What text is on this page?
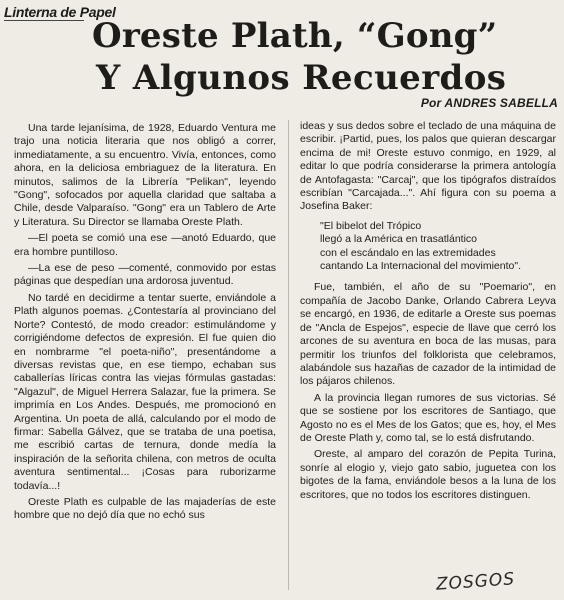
Linterna de Papel
Oreste Plath, “Gong”
Y Algunos Recuerdos
Por ANDRES SABELLA

Una tarde lejanísima, de 1928, Eduardo Ventura me trajo una noticia literaria que nos obligó a correr, inmediatamente, a su encuentro. Vivía, entonces, como ahora, en la deliciosa embriaguez de la literatura. En minutos, salimos de la Librería "Pelikan", leyendo "Gong", sofocados por aquella claridad que saltaba a Chile, desde Valparaíso. "Gong" era un Tablero de Arte y Literatura. Su Director se llamaba Oreste Plath.

—El poeta se comió una ese —anotó Eduardo, que era hombre puntilloso.

—La ese de peso —comenté, conmovido por estas páginas que despedían una ardorosa juventud.

No tardé en decidirme a tentar suerte, enviándole a Plath algunos poemas. ¿Contestaría al provinciano del Norte? Contestó, de modo creador: estimulándome y corrigiéndome defectos de expresión. El fue quien dio en nombrarme "el poeta-niño", presentándome a diversas revistas que, en ese tiempo, echaban sus caballerías líricas contra las viejas fórmulas gastadas: "Algazul", de Miguel Herrera Salazar, fue la primera. Se imprimía en Los Andes. Después, me promocionó en Argentina. Un poeta de allá, calculando por el modo de firmar: Sabella Gálvez, que se trataba de una poetisa, me escribió cartas de ternura, donde medía la inspiración de la señorita chilena, con metros de oculta aventura sentimental... ¡Cosas para ruborizarme todavía...!

Oreste Plath es culpable de las majaderías de este hombre que no dejó día que no echó sus

ideas y sus dedos sobre el teclado de una máquina de escribir. ¡Partid, pues, los palos que quieran descargar encima de mi! Oreste estuvo conmigo, en 1929, al editar lo que podría considerarse la primera antología de Antofagasta: "Carcaj", que los tipógrafos distraídos escribían "Carcajada...". Ahí figura con su poema a Josefina Baker:

"El bibelot del Trópico
llegó a la América en trasatlántico
con el escándalo en las extremidades
cantando La Internacional del movimiento".

Fue, también, el año de su "Poemario", en compañía de Jacobo Danke, Orlando Cabrera Leyva se encargó, en 1936, de editarle a Oreste sus poemas de "Ancla de Espejos", especie de llave que cerró los arcones de su aventura en boca de las musas, para permitir los triunfos del folklorista que celebramos, alabándole sus hazañas de cazador de la intimidad de los pájaros chilenos.

A la provincia llegan rumores de sus victorias. Sé que se sostiene por los escritores de Santiago, que Agosto no es el Mes de los Gatos; que es, hoy, el Mes de Oreste Plath y, como tal, se lo está disfrutando.

Oreste, al amparo del corazón de Pepita Turina, sonríe al elogio y, viejo gato sabio, juguetea con los bigotes de la fama, enviándole besos a la luna de los escritores, que no todos los escritores distinguen.

ZOSGOS
